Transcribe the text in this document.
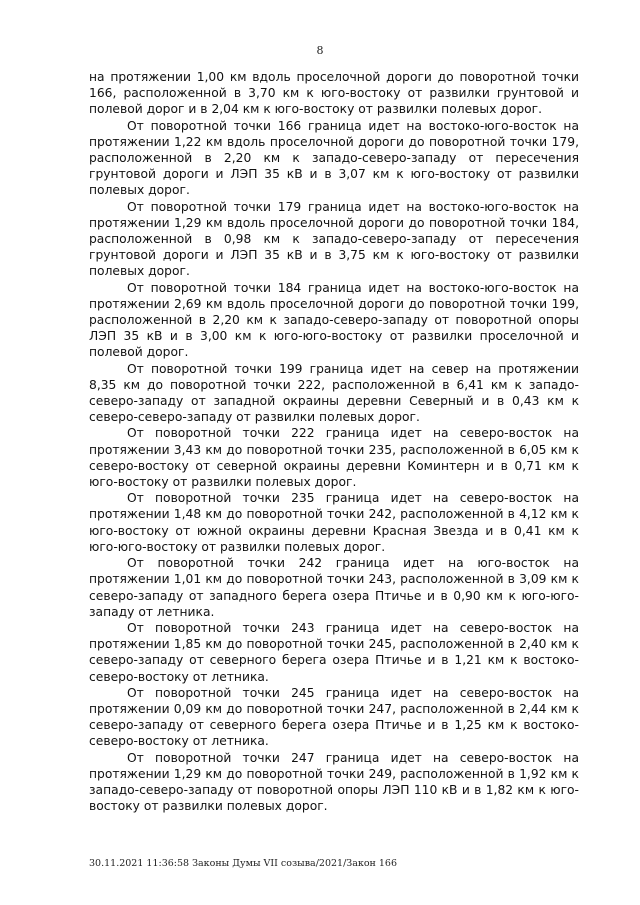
8

на протяжении 1,00 км вдоль проселочной дороги до поворотной точки 166, расположенной в 3,70 км к юго-востоку от развилки грунтовой и полевой дорог и в 2,04 км к юго-востоку от развилки полевых дорог.

От поворотной точки 166 граница идет на востоко-юго-восток на протяжении 1,22 км вдоль проселочной дороги до поворотной точки 179, расположенной в 2,20 км к западо-северо-западу от пересечения грунтовой дороги и ЛЭП 35 кВ и в 3,07 км к юго-востоку от развилки полевых дорог.

От поворотной точки 179 граница идет на востоко-юго-восток на протяжении 1,29 км вдоль проселочной дороги до поворотной точки 184, расположенной в 0,98 км к западо-северо-западу от пересечения грунтовой дороги и ЛЭП 35 кВ и в 3,75 км к юго-востоку от развилки полевых дорог.

От поворотной точки 184 граница идет на востоко-юго-восток на протяжении 2,69 км вдоль проселочной дороги до поворотной точки 199, расположенной в 2,20 км к западо-северо-западу от поворотной опоры ЛЭП 35 кВ и в 3,00 км к юго-юго-востоку от развилки проселочной и полевой дорог.

От поворотной точки 199 граница идет на север на протяжении 8,35 км до поворотной точки 222, расположенной в 6,41 км к западо-северо-западу от западной окраины деревни Северный и в 0,43 км к северо-северо-западу от развилки полевых дорог.

От поворотной точки 222 граница идет на северо-восток на протяжении 3,43 км до поворотной точки 235, расположенной в 6,05 км к северо-востоку от северной окраины деревни Коминтерн и в 0,71 км к юго-востоку от развилки полевых дорог.

От поворотной точки 235 граница идет на северо-восток на протяжении 1,48 км до поворотной точки 242, расположенной в 4,12 км к юго-востоку от южной окраины деревни Красная Звезда и в 0,41 км к юго-юго-востоку от развилки полевых дорог.

От поворотной точки 242 граница идет на юго-восток на протяжении 1,01 км до поворотной точки 243, расположенной в 3,09 км к северо-западу от западного берега озера Птичье и в 0,90 км к юго-юго-западу от летника.

От поворотной точки 243 граница идет на северо-восток на протяжении 1,85 км до поворотной точки 245, расположенной в 2,40 км к северо-западу от северного берега озера Птичье и в 1,21 км к востоко-северо-востоку от летника.

От поворотной точки 245 граница идет на северо-восток на протяжении 0,09 км до поворотной точки 247, расположенной в 2,44 км к северо-западу от северного берега озера Птичье и в 1,25 км к востоко-северо-востоку от летника.

От поворотной точки 247 граница идет на северо-восток на протяжении 1,29 км до поворотной точки 249, расположенной в 1,92 км к западо-северо-западу от поворотной опоры ЛЭП 110 кВ и в 1,82 км к юго-востоку от развилки полевых дорог.

30.11.2021 11:36:58 Законы Думы VII созыва/2021/Закон 166
